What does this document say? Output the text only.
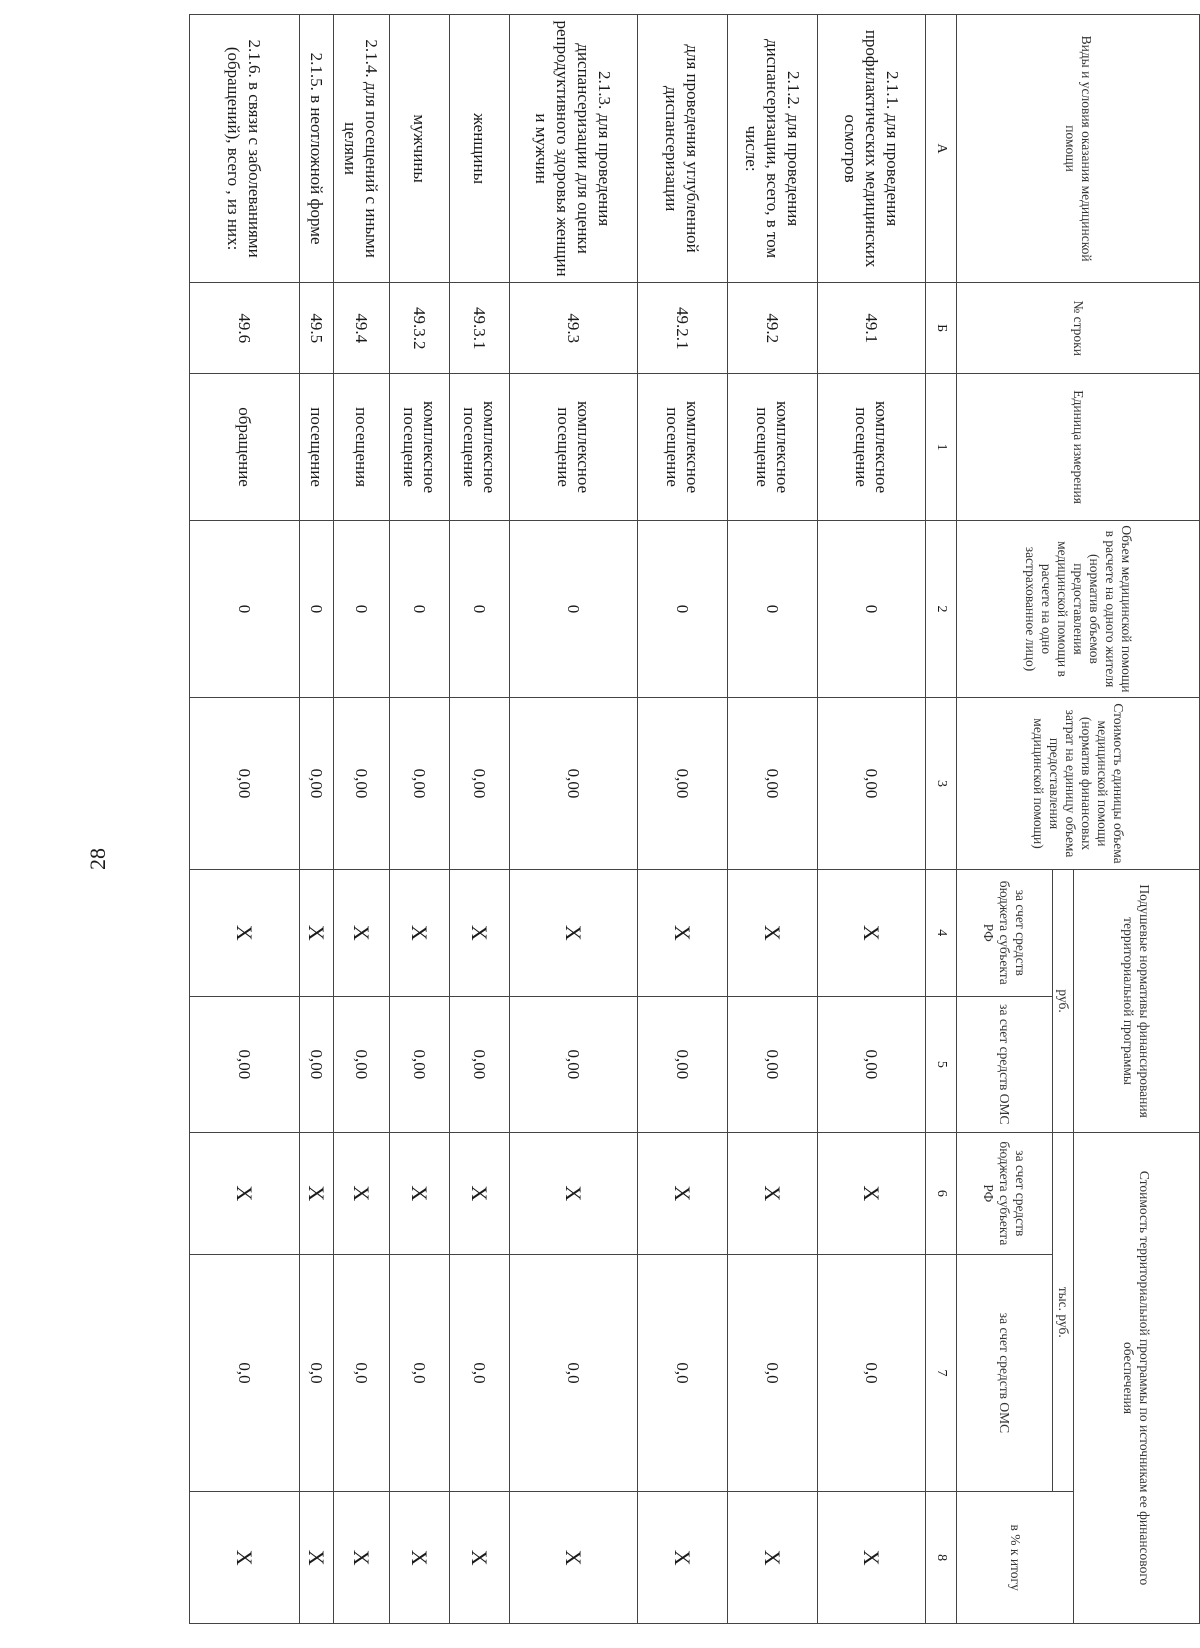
28
Виды и условия оказания медицинской помощи	№ строки	Единица измерения	Объем медицинской помощи в расчете на одного жителя (норматив объемов предоставления медицинской помощи в расчете на одно застрахованное лицо)	Стоимость единицы объема медицинской помощи (норматив финансовых затрат на единицу объема предоставления медицинской помощи)	Подушевые нормативы финансирования территориальной программы		Стоимость территориальной программы по источникам ее финансового обеспечения		
					руб.		тыс. руб.		в % к итогу
					за счет средств бюджета субъекта РФ	за счет средств ОМС	за счет средств бюджета субъекта РФ	за счет средств ОМС	
А	Б	1	2	3	4	5	6	7	8
2.1.1. для проведения профилактических медицинских осмотров	49.1	комплексное посещение	0	0,00	X	0,00	X	0,0	X
2.1.2. для проведения диспансеризации, всего, в том числе:	49.2	комплексное посещение	0	0,00	X	0,00	X	0,0	X
для проведения углубленной диспансеризации	49.2.1	комплексное посещение	0	0,00	X	0,00	X	0,0	X
2.1.3. для проведения диспансеризации для оценки репродуктивного здоровья женщин и мужчин	49.3	комплексное посещение	0	0,00	X	0,00	X	0,0	X
женщины	49.3.1	комплексное посещение	0	0,00	X	0,00	X	0,0	X
мужчины	49.3.2	комплексное посещение	0	0,00	X	0,00	X	0,0	X
2.1.4. для посещений с иными целями	49.4	посещения	0	0,00	X	0,00	X	0,0	X
2.1.5. в неотложной форме	49.5	посещение	0	0,00	X	0,00	X	0,0	X
2.1.6. в связи с заболеваниями (обращений), всего , из них:	49.6	обращение	0	0,00	X	0,00	X	0,0	X
